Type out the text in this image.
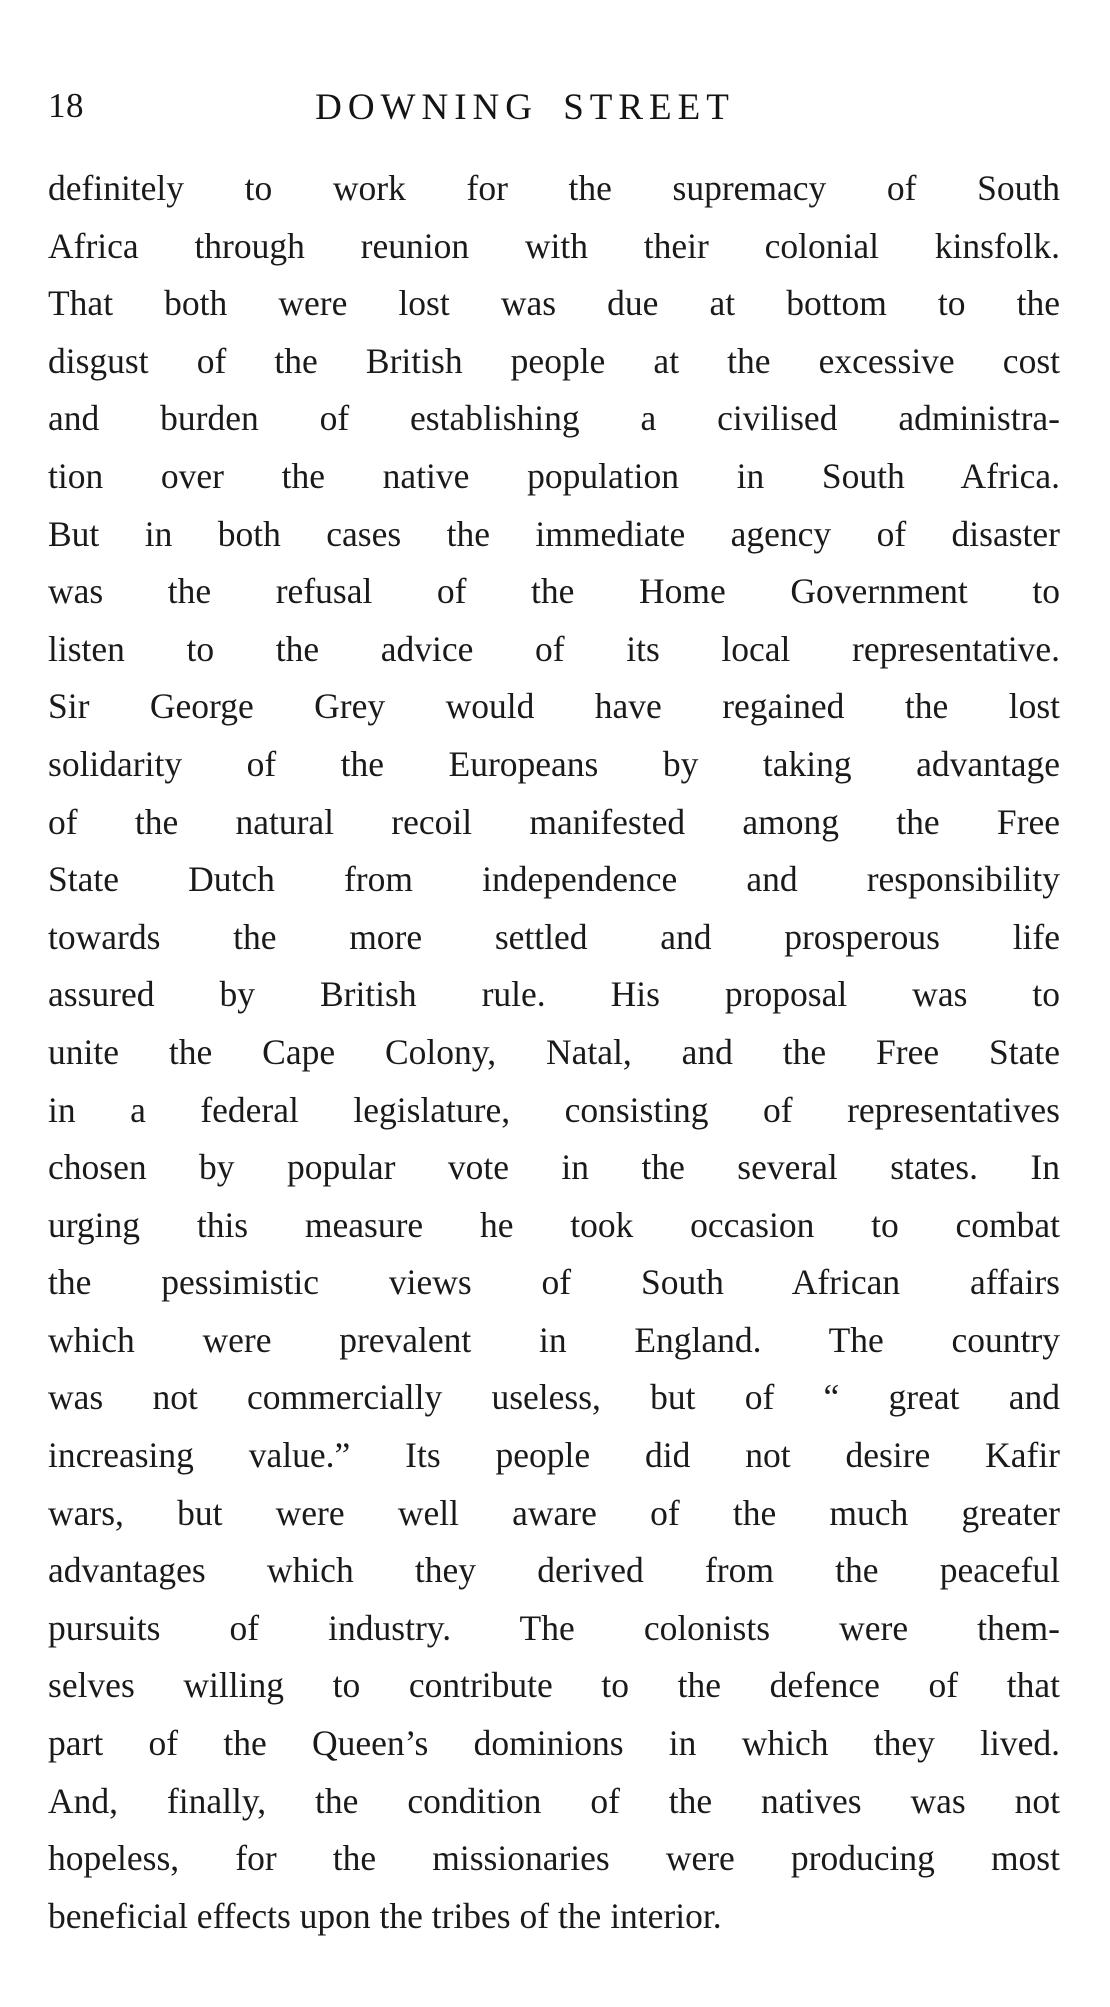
18	DOWNING STREET

definitely to work for the supremacy of South
Africa through reunion with their colonial kinsfolk.
That both were lost was due at bottom to the
disgust of the British people at the excessive cost
and burden of establishing a civilised administra-
tion over the native population in South Africa.
But in both cases the immediate agency of disaster
was the refusal of the Home Government to
listen to the advice of its local representative.
Sir George Grey would have regained the lost
solidarity of the Europeans by taking advantage
of the natural recoil manifested among the Free
State Dutch from independence and responsibility
towards the more settled and prosperous life
assured by British rule. His proposal was to
unite the Cape Colony, Natal, and the Free State
in a federal legislature, consisting of representatives
chosen by popular vote in the several states. In
urging this measure he took occasion to combat
the pessimistic views of South African affairs
which were prevalent in England. The country
was not commercially useless, but of “ great and
increasing value.” Its people did not desire Kafir
wars, but were well aware of the much greater
advantages which they derived from the peaceful
pursuits of industry. The colonists were them-
selves willing to contribute to the defence of that
part of the Queen’s dominions in which they lived.
And, finally, the condition of the natives was not
hopeless, for the missionaries were producing most
beneficial effects upon the tribes of the interior.
